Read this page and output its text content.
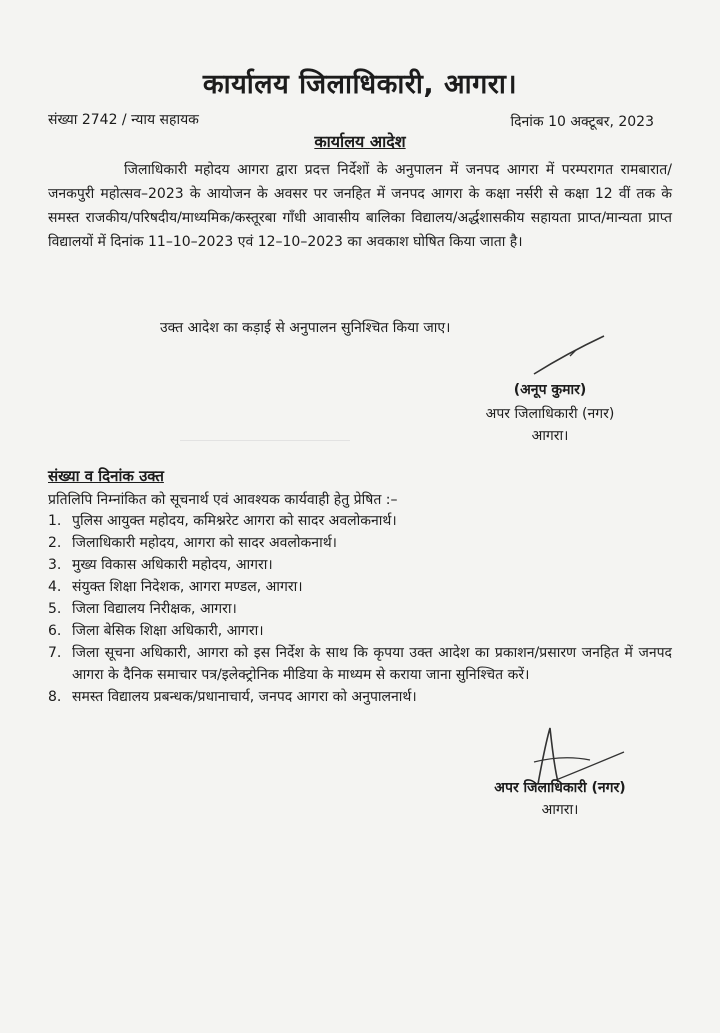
कार्यालय जिलाधिकारी, आगरा।
संख्या 2742 / न्याय सहायक	दिनांक 10 अक्टूबर, 2023
कार्यालय आदेश
जिलाधिकारी महोदय आगरा द्वारा प्रदत्त निर्देशों के अनुपालन में जनपद आगरा में परम्परागत रामबारात/जनकपुरी महोत्सव–2023 के आयोजन के अवसर पर जनहित में जनपद आगरा के कक्षा नर्सरी से कक्षा 12 वीं तक के समस्त राजकीय/परिषदीय/माध्यमिक/कस्तूरबा गाँधी आवासीय बालिका विद्यालय/अर्द्धशासकीय सहायता प्राप्त/मान्यता प्राप्त विद्यालयों में दिनांक 11–10–2023 एवं 12–10–2023 का अवकाश घोषित किया जाता है।
उक्त आदेश का कड़ाई से अनुपालन सुनिश्चित किया जाए।
(अनूप कुमार)
अपर जिलाधिकारी (नगर)
आगरा।
संख्या व दिनांक उक्त
प्रतिलिपि निम्नांकित को सूचनार्थ एवं आवश्यक कार्यवाही हेतु प्रेषित :–
1. पुलिस आयुक्त महोदय, कमिश्नरेट आगरा को सादर अवलोकनार्थ।
2. जिलाधिकारी महोदय, आगरा को सादर अवलोकनार्थ।
3. मुख्य विकास अधिकारी महोदय, आगरा।
4. संयुक्त शिक्षा निदेशक, आगरा मण्डल, आगरा।
5. जिला विद्यालय निरीक्षक, आगरा।
6. जिला बेसिक शिक्षा अधिकारी, आगरा।
7. जिला सूचना अधिकारी, आगरा को इस निर्देश के साथ कि कृपया उक्त आदेश का प्रकाशन/प्रसारण जनहित में जनपद आगरा के दैनिक समाचार पत्र/इलेक्ट्रोनिक मीडिया के माध्यम से कराया जाना सुनिश्चित करें।
8. समस्त विद्यालय प्रबन्धक/प्रधानाचार्य, जनपद आगरा को अनुपालनार्थ।
अपर जिलाधिकारी (नगर)
आगरा।
